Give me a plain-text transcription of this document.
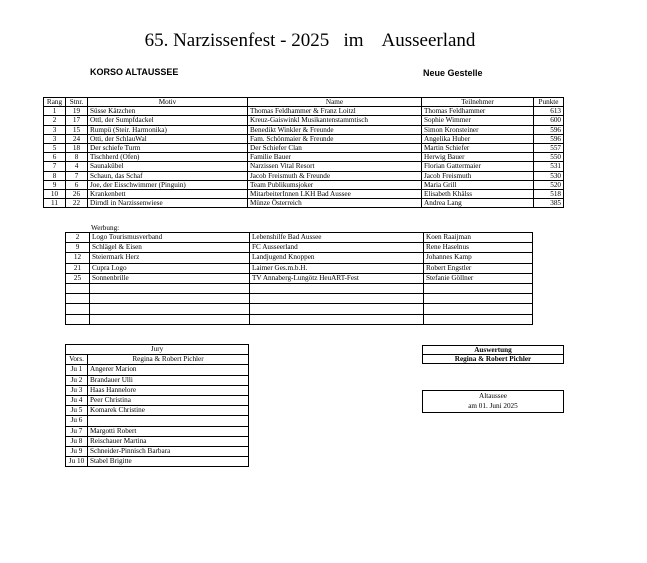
65. Narzissenfest - 2025   im    Ausseerland
KORSO ALTAUSSEE	Neue Gestelle
Rang	Stnr.	Motiv	Name	Teilnehmer	Punkte
1	19	Süsse Kätzchen	Thomas Feldhammer & Franz Loitzl	Thomas Feldhammer	613
2	17	Ottl, der Sumpfdackel	Kreuz-Gaiswinkl Musikantenstammtisch	Sophie Wimmer	600
3	15	Rumpü (Steir. Harmonika)	Benedikt Winkler & Freunde	Simon Kronsteiner	596
3	24	Otti, der SchlauWal	Fam. Schönmaier & Freunde	Angelika Huber	596
5	18	Der schiefe Turm	Der Schiefer Clan	Martin Schiefer	557
6	8	Tischherd (Ofen)	Familie Bauer	Herwig Bauer	550
7	4	Saunakübel	Narzissen Vital Resort	Florian Gattermaier	531
8	7	Schaun, das Schaf	Jacob Freismuth & Freunde	Jacob Freismuth	530
9	6	Joe, der Eisschwimmer (Pinguin)	Team Publikumsjoker	Maria Grill	520
10	26	Krankenbett	MitarbeiterInnen LKH Bad Aussee	Elisabeth Khälss	518
11	22	Dirndl in Narzissenwiese	Münze Österreich	Andrea Lang	385
Werbung:
2	Logo Tourismusverband	Lebenshilfe Bad Aussee	Koen Raaijman
9	Schlägel & Eisen	FC Ausseerland	Rene Haselnus
12	Steiermark Herz	Landjugend Knoppen	Johannes Kamp
21	Cupra Logo	Laimer Ges.m.b.H.	Robert Engstler
25	Sonnenbrille	TV Annaberg-Lungötz HeuART-Fest	Stefanie Göllner

Jury	
Vors.	Regina & Robert Pichler
Ju 1	Angerer Marion
Ju 2	Brandauer Ulli
Ju 3	Haas Hannelore
Ju 4	Peer Christina
Ju 5	Komarek Christine
Ju 6	
Ju 7	Margotti Robert
Ju 8	Reischauer Martina
Ju 9	Schneider-Pinnisch Barbara
Ju 10	Stabel Brigitte
Auswertung
Regina & Robert Pichler
Altaussee
am 01. Juni 2025
